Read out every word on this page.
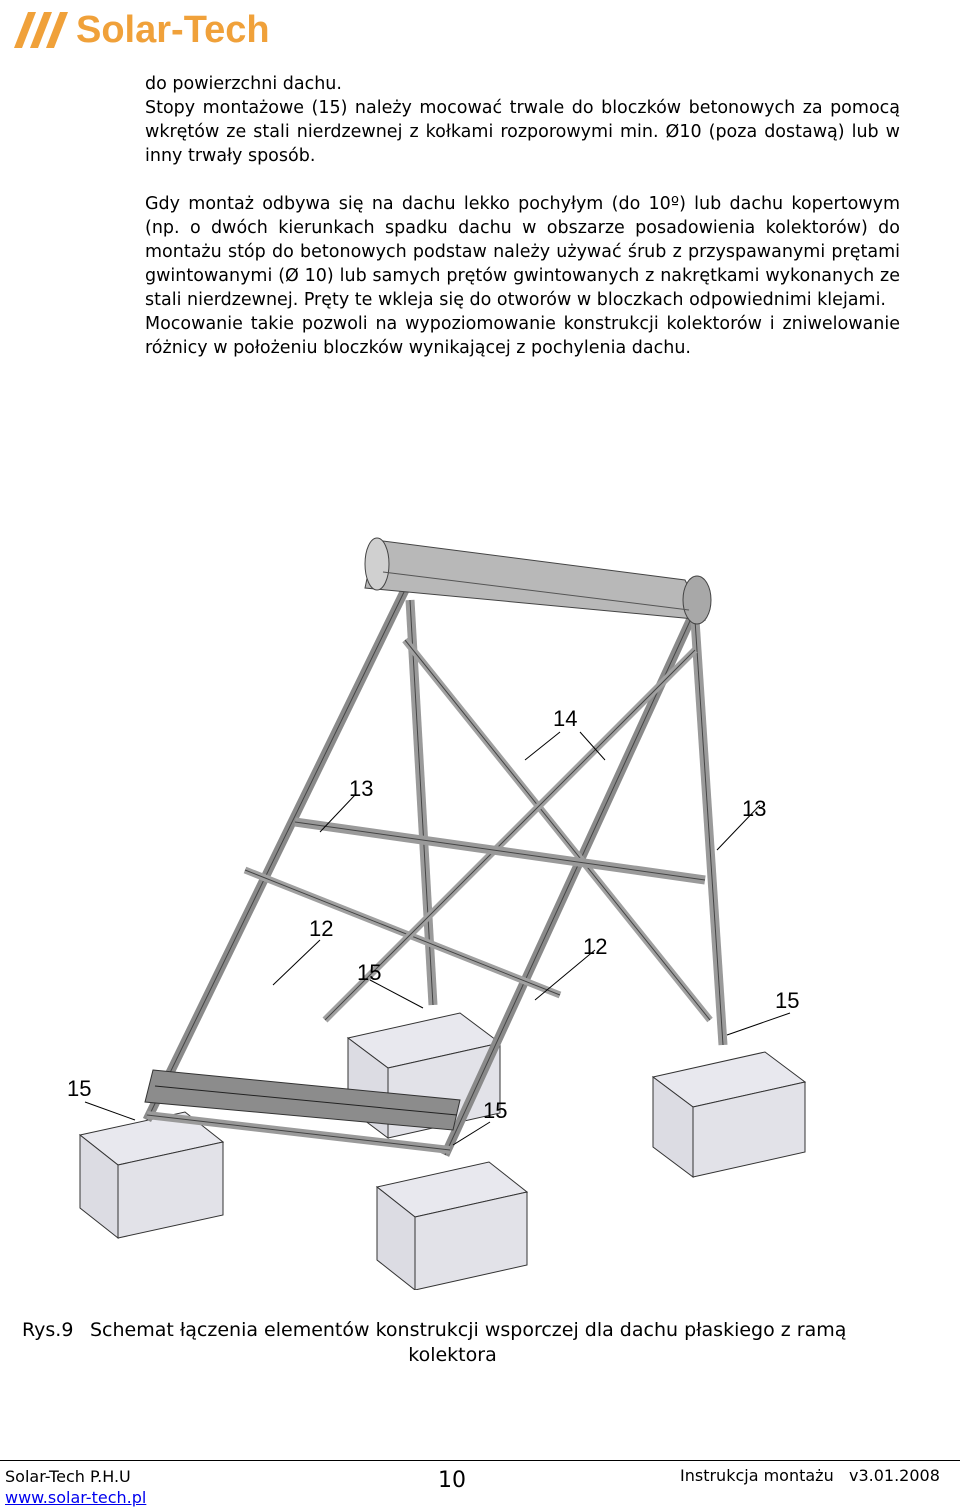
Solar-Tech

do powierzchni dachu.

Stopy montażowe (15) należy mocować trwale do bloczków betonowych za pomocą wkrętów ze stali nierdzewnej z kołkami rozporowymi min. Ø10 (poza dostawą) lub w inny trwały sposób.

Gdy montaż odbywa się na dachu lekko pochyłym (do 10º) lub dachu kopertowym (np. o dwóch kierunkach spadku dachu w obszarze posadowienia kolektorów) do montażu stóp do betonowych podstaw należy używać śrub z przyspawanymi prętami gwintowanymi (Ø 10) lub samych prętów gwintowanych z nakrętkami wykonanych ze stali nierdzewnej. Pręty te wkleja się do otworów w bloczkach odpowiednimi klejami.

Mocowanie takie pozwoli na wypoziomowanie konstrukcji kolektorów i zniwelowanie różnicy w położeniu bloczków wynikającej z pochylenia dachu.

14
13
13
12
12
15
15
15
15
Rys.9 Schemat łączenia elementów konstrukcji wsporczej dla dachu płaskiego z ramą
kolektora
Solar-Tech P.H.U
www.solar-tech.pl
10	Instrukcja montażu   v3.01.2008
